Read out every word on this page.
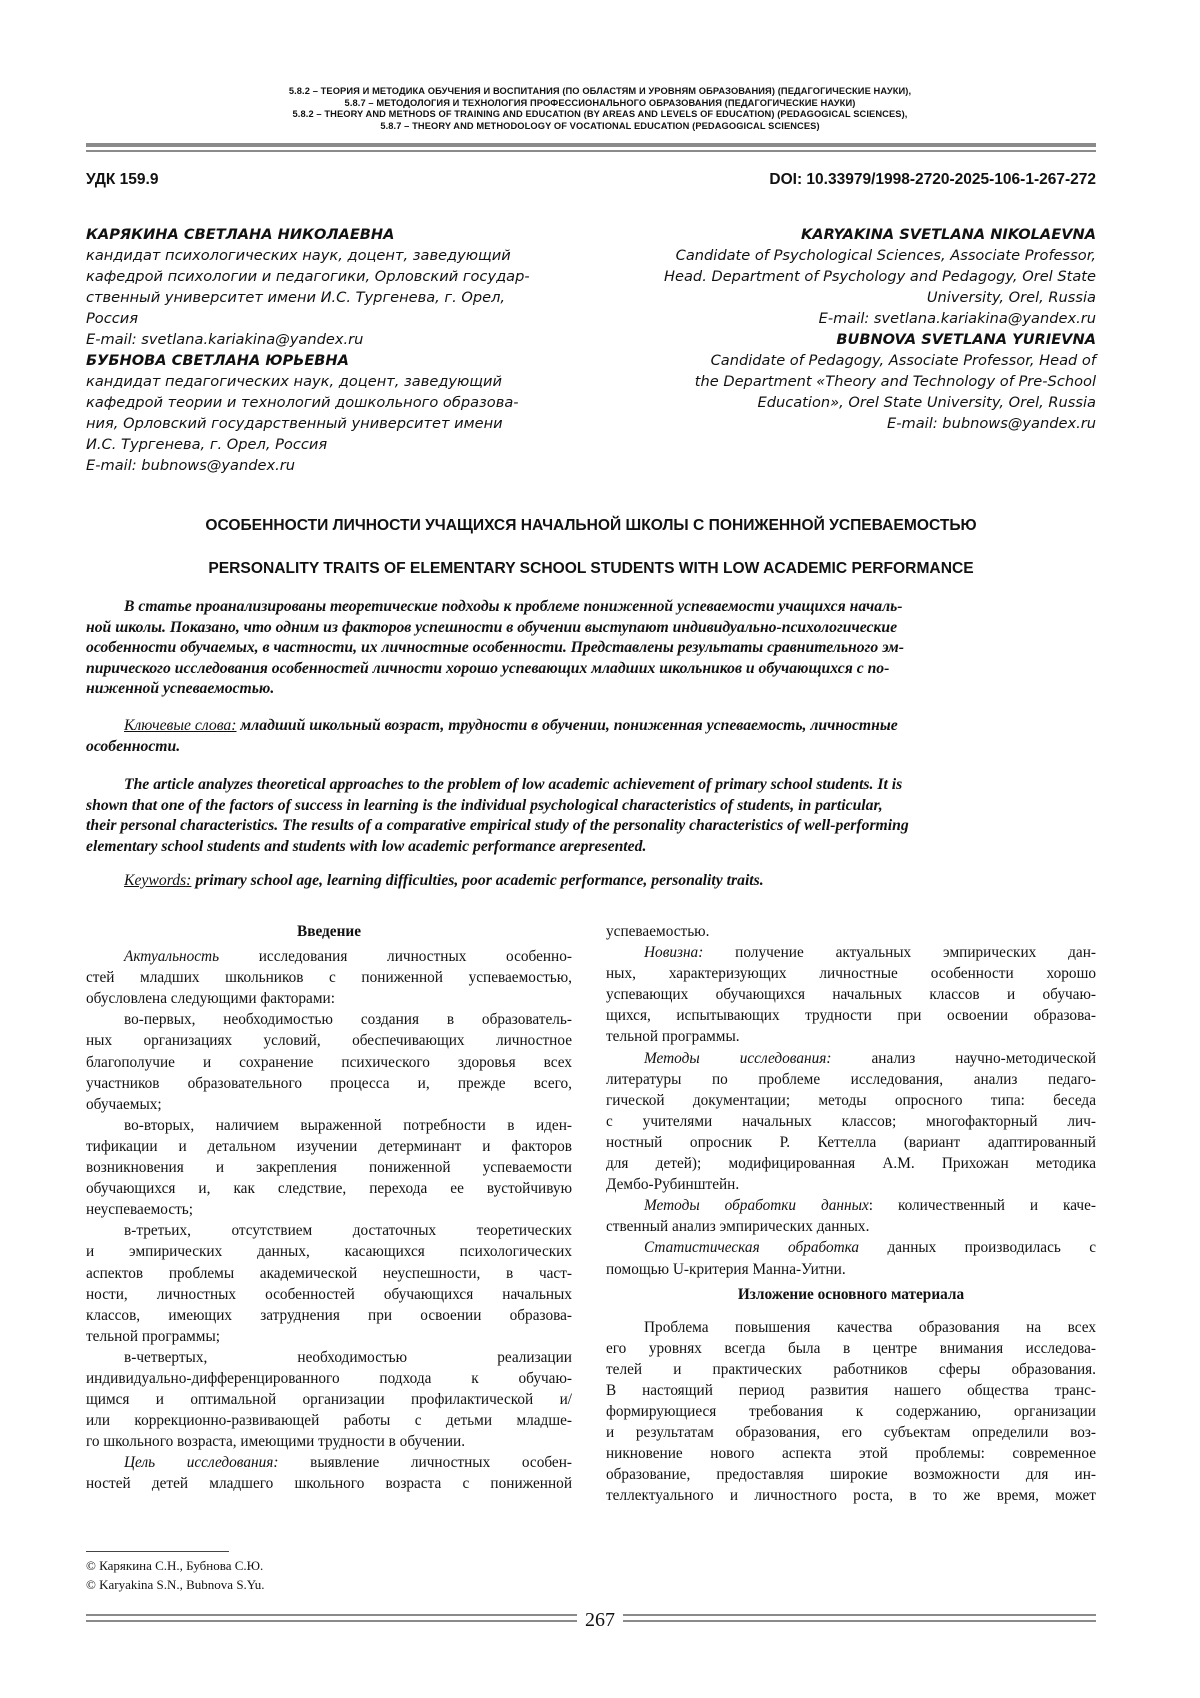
5.8.2 – ТЕОРИЯ И МЕТОДИКА ОБУЧЕНИЯ И ВОСПИТАНИЯ (ПО ОБЛАСТЯМ И УРОВНЯМ ОБРАЗОВАНИЯ) (ПЕДАГОГИЧЕСКИЕ НАУКИ),
5.8.7 – МЕТОДОЛОГИЯ И ТЕХНОЛОГИЯ ПРОФЕССИОНАЛЬНОГО ОБРАЗОВАНИЯ (ПЕДАГОГИЧЕСКИЕ НАУКИ)
5.8.2 – THEORY AND METHODS OF TRAINING AND EDUCATION (BY AREAS AND LEVELS OF EDUCATION) (PEDAGOGICAL SCIENCES),
5.8.7 – THEORY AND METHODOLOGY OF VOCATIONAL EDUCATION (PEDAGOGICAL SCIENCES)
УДК 159.9	DOI: 10.33979/1998-2720-2025-106-1-267-272
КАРЯКИНА СВЕТЛАНА НИКОЛАЕВНА
кандидат психологических наук, доцент, заведующий
кафедрой психологии и педагогики, Орловский государ-
ственный университет имени И.С. Тургенева, г. Орел,
Россия
E-mail: svetlana.kariakina@yandex.ru
БУБНОВА СВЕТЛАНА ЮРЬЕВНА
кандидат педагогических наук, доцент, заведующий
кафедрой теории и технологий дошкольного образова-
ния, Орловский государственный университет имени
И.С. Тургенева, г. Орел, Россия
E-mail: bubnows@yandex.ru
KARYAKINA SVETLANA NIKOLAEVNA
Candidate of Psychological Sciences, Associate Professor,
Head. Department of Psychology and Pedagogy, Orel State
University, Orel, Russia
E-mail: svetlana.kariakina@yandex.ru
BUBNOVA SVETLANA YURIEVNA
Candidate of Pedagogy, Associate Professor, Head of
the Department «Theory and Technology of Pre-School
Education», Orel State University, Orel, Russia
E-mail: bubnows@yandex.ru
ОСОБЕННОСТИ ЛИЧНОСТИ УЧАЩИХСЯ НАЧАЛЬНОЙ ШКОЛЫ С ПОНИЖЕННОЙ УСПЕВАЕМОСТЬЮ
PERSONALITY TRAITS OF ELEMENTARY SCHOOL STUDENTS WITH LOW ACADEMIC PERFORMANCE
В статье проанализированы теоретические подходы к проблеме пониженной успеваемости учащихся началь-
ной школы. Показано, что одним из факторов успешности в обучении выступают индивидуально-психологические
особенности обучаемых, в частности, их личностные особенности. Представлены результаты сравнительного эм-
пирического исследования особенностей личности хорошо успевающих младших школьников и обучающихся с по-
ниженной успеваемостью.
Ключевые слова: младший школьный возраст, трудности в обучении, пониженная успеваемость, личностные
особенности.
The article analyzes theoretical approaches to the problem of low academic achievement of primary school students. It is
shown that one of the factors of success in learning is the individual psychological characteristics of students, in particular,
their personal characteristics. The results of a comparative empirical study of the personality characteristics of well-performing
elementary school students and students with low academic performance arepresented.
Keywords: primary school age, learning difficulties, poor academic performance, personality traits.
Введение
Актуальность	исследования личностных особенно-
стей младших школьников с пониженной успеваемостью,
обусловлена следующими факторами:
во-первых, необходимостью создания в образователь-
ных организациях условий, обеспечивающих личностное
благополучие и сохранение психического здоровья всех
участников образовательного процесса и, прежде всего,
обучаемых;
во-вторых, наличием выраженной потребности в иден-
тификации и детальном изучении детерминант и факторов
возникновения и закрепления пониженной успеваемости
обучающихся и, как следствие, перехода ее вустойчивую
неуспеваемость;
в-третьих, отсутствием достаточных теоретических
и эмпирических данных, касающихся психологических
аспектов проблемы академической неуспешности, в част-
ности, личностных особенностей обучающихся начальных
классов, имеющих затруднения при освоении образова-
тельной программы;
в-четвертых, необходимостью реализации
индивидуально-дифференцированного подхода к обучаю-
щимся и оптимальной организации профилактической и/
или коррекционно-развивающей работы с детьми младше-
го школьного возраста, имеющими трудности в обучении.
Цель исследования: выявление личностных особен-
ностей детей младшего школьного возраста с пониженной
успеваемостью.
Новизна: получение актуальных эмпирических дан-
ных, характеризующих личностные особенности хорошо
успевающих обучающихся начальных классов и обучаю-
щихся, испытывающих трудности при освоении образова-
тельной программы.
Методы исследования:	анализ научно-методической
литературы по проблеме исследования, анализ педаго-
гической документации; методы опросного типа: беседа
с учителями начальных классов; многофакторный лич-
ностный опросник Р. Кеттелла (вариант адаптированный
для детей); модифицированная А.М. Прихожан методика
Дембо-Рубинштейн.
Методы обработки данных: количественный и каче-
ственный анализ эмпирических данных.
Статистическая обработка данных производилась с
помощью U-критерия Манна-Уитни.
Изложение основного материала
Проблема повышения качества образования на всех
его уровнях всегда была в центре внимания исследова-
телей и практических работников сферы образования.
В настоящий период развития нашего общества транс-
формирующиеся требования к содержанию, организации
и результатам образования, его субъектам определили воз-
никновение нового аспекта этой проблемы: современное
образование, предоставляя широкие возможности для ин-
теллектуального и личностного роста, в то же время, может
© Карякина С.Н., Бубнова С.Ю.
© Karyakina S.N., Bubnova S.Yu.
267
